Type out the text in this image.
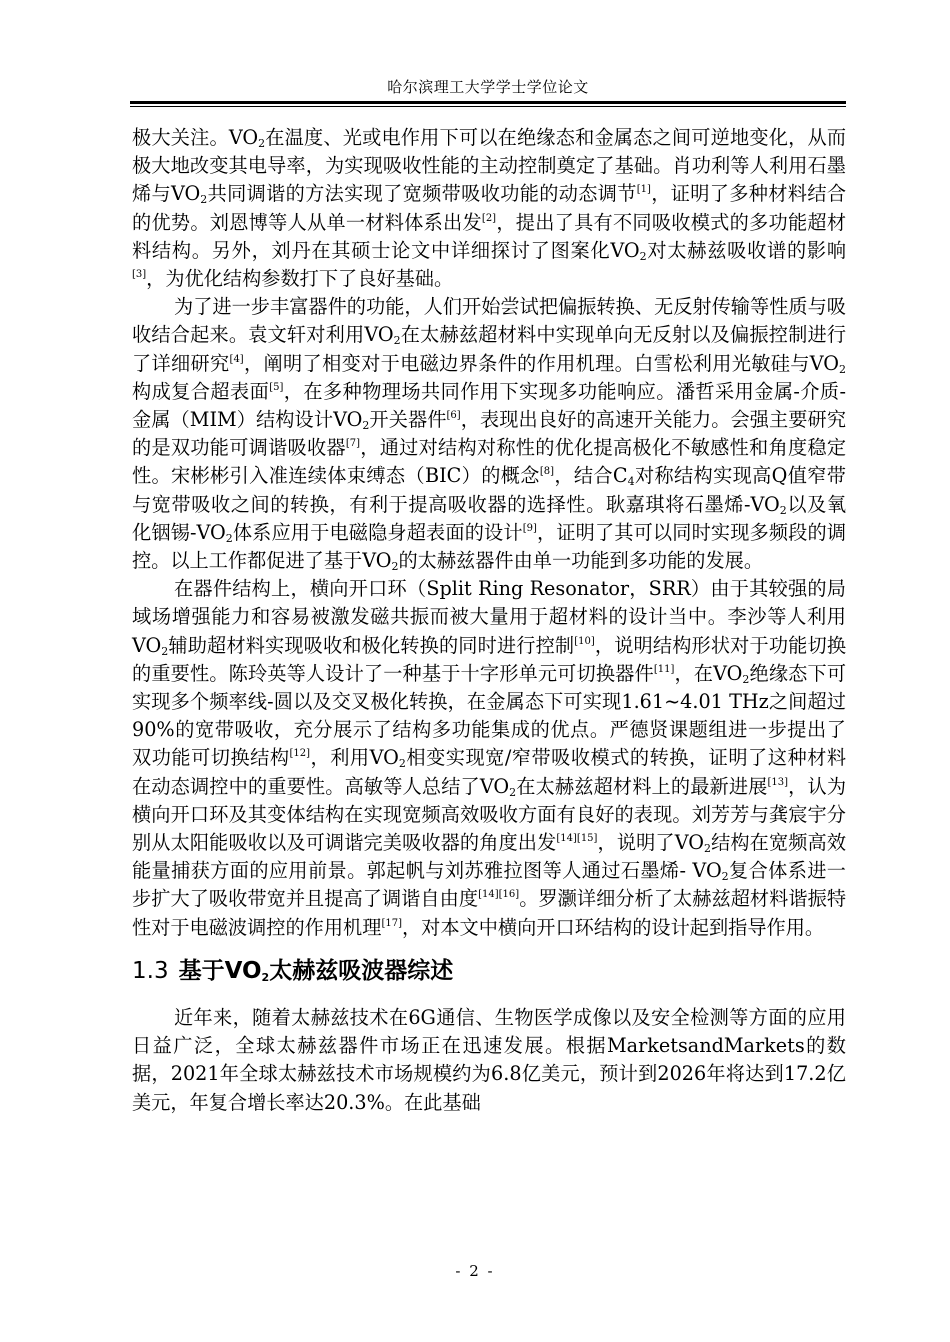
哈尔滨理工大学学士学位论文

极大关注。$VO_2$在温度、光或电作用下可以在绝缘态和金属态之间可逆地变化，从而极大地改变其电导率，为实现吸收性能的主动控制奠定了基础。肖功利等人利用石墨烯与$VO_2$共同调谐的方法实现了宽频带吸收功能的动态调节[1]，证明了多种材料结合的优势。刘恩博等人从单一材料体系出发[2]，提出了具有不同吸收模式的多功能超材料结构。另外，刘丹在其硕士论文中详细探讨了图案化$VO_2$对太赫兹吸收谱的影响[3]，为优化结构参数打下了良好基础。

为了进一步丰富器件的功能，人们开始尝试把偏振转换、无反射传输等性质与吸收结合起来。袁文轩对利用$VO_2$在太赫兹超材料中实现单向无反射以及偏振控制进行了详细研究[4]，阐明了相变对于电磁边界条件的作用机理。白雪松利用光敏硅与$VO_2$构成复合超表面[5]，在多种物理场共同作用下实现多功能响应。潘哲采用金属-介质-金属（MIM）结构设计$VO_2$开关器件[6]，表现出良好的高速开关能力。会强主要研究的是双功能可调谐吸收器[7]，通过对结构对称性的优化提高极化不敏感性和角度稳定性。宋彬彬引入准连续体束缚态（BIC）的概念[8]，结合$C_4$对称结构实现高Q值窄带与宽带吸收之间的转换，有利于提高吸收器的选择性。耿嘉琪将石墨烯$-VO_2$以及氧化铟锡$-VO_2$体系应用于电磁隐身超表面的设计[9]，证明了其可以同时实现多频段的调控。以上工作都促进了基于$VO_2$的太赫兹器件由单一功能到多功能的发展。

在器件结构上，横向开口环（Split Ring Resonator，SRR）由于其较强的局域场增强能力和容易被激发磁共振而被大量用于超材料的设计当中。李沙等人利用$VO_2$辅助超材料实现吸收和极化转换的同时进行控制[10]，说明结构形状对于功能切换的重要性。陈玲英等人设计了一种基于十字形单元可切换器件[11]，在$VO_2$绝缘态下可实现多个频率线-圆以及交叉极化转换，在金属态下可实现1.61~4.01 THz之间超过90%的宽带吸收，充分展示了结构多功能集成的优点。严德贤课题组进一步提出了双功能可切换结构[12]，利用$VO_2$相变实现宽/窄带吸收模式的转换，证明了这种材料在动态调控中的重要性。高敏等人总结了$VO_2$在太赫兹超材料上的最新进展[13]，认为横向开口环及其变体结构在实现宽频高效吸收方面有良好的表现。刘芳芳与龚宸宇分别从太阳能吸收以及可调谐完美吸收器的角度出发[14][15]，说明了$VO_2$结构在宽频高效能量捕获方面的应用前景。郭起帆与刘苏雅拉图等人通过石墨烯- $VO_2$复合体系进一步扩大了吸收带宽并且提高了调谐自由度[14][16]。罗灏详细分析了太赫兹超材料谐振特性对于电磁波调控的作用机理[17]，对本文中横向开口环结构的设计起到指导作用。

1.3 基于$VO_2$太赫兹吸波器综述

近年来，随着太赫兹技术在6G通信、生物医学成像以及安全检测等方面的应用日益广泛，全球太赫兹器件市场正在迅速发展。根据MarketsandMarkets的数据，2021年全球太赫兹技术市场规模约为6.8亿美元，预计到2026年将达到17.2亿美元，年复合增长率达20.3%。在此基础

- 2 -
